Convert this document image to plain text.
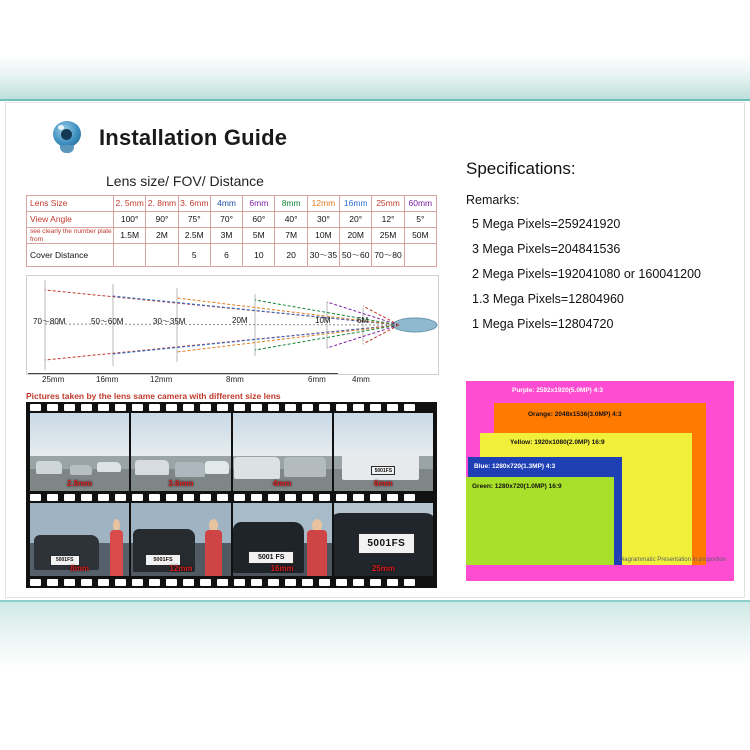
Installation Guide
Lens size/ FOV/ Distance
Lens Size	2. 5mm	2. 8mm	3. 6mm	4mm	6mm	8mm	12mm	16mm	25mm	60mm
View Angle	100°	90°	75°	70°	60°	40°	30°	20°	12°	5°
see clearly the number plate from	1.5M	2M	2.5M	3M	5M	7M	10M	20M	25M	50M
Cover Distance			5	6	10	20	30～35	50～60	70～80	
70～80M	50～60M	30～35M	20M	10M	6M
25mm	16mm	12mm	8mm	6mm	4mm
Pictures taken by the lens same camera with different size lens
2.8mm	3.6mm	4mm
5001FS
6mm
5001FS
8mm
5001FS
12mm
5001 FS
16mm
5001FS
25mm
Specifications:
Remarks:
5 Mega Pixels=259241920
3 Mega Pixels=204841536
2 Mega Pixels=192041080 or 160041200
1.3 Mega Pixels=12804960
1 Mega Pixels=12804720
Purple: 2592x1920(5.0MP) 4:3
Orange: 2048x1536(3.0MP) 4:3
Yellow: 1920x1080(2.0MP) 16:9
Blue: 1280x720(1.3MP) 4:3
Green: 1280x720(1.0MP) 16:9
Diagrammatic Presentation in proportion
